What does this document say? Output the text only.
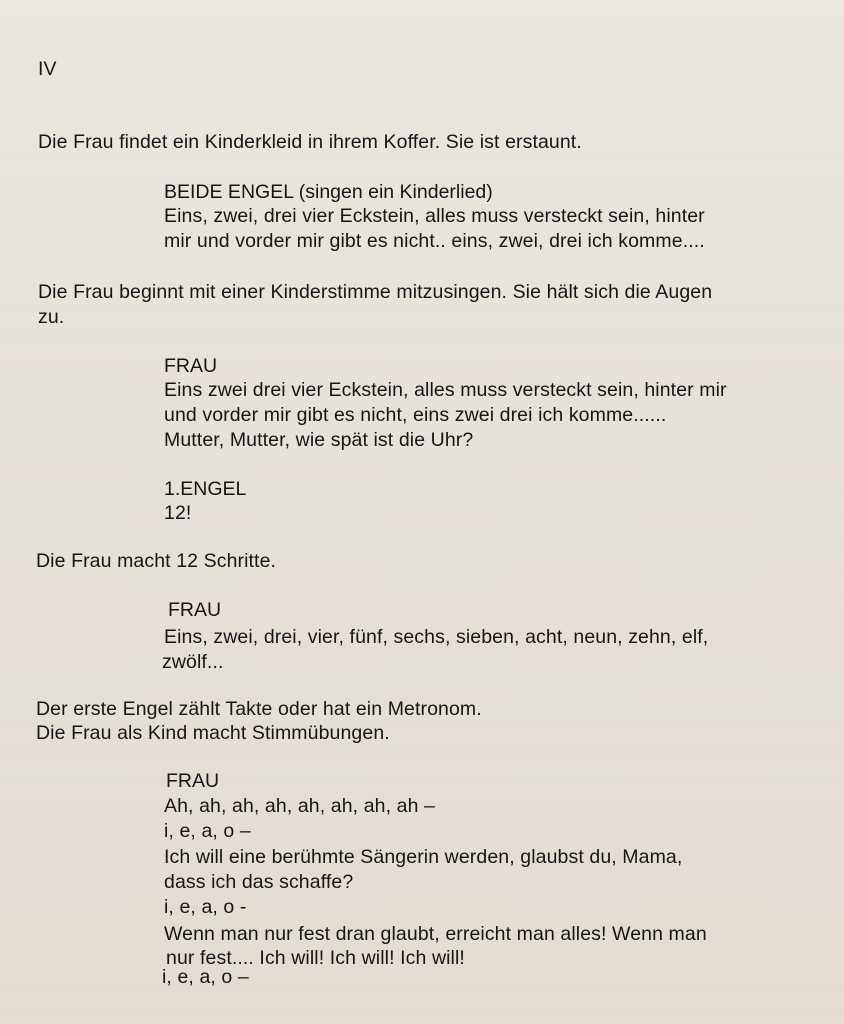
IV
Die Frau findet ein Kinderkleid in ihrem Koffer. Sie ist erstaunt.
BEIDE ENGEL (singen ein Kinderlied)
Eins, zwei, drei vier Eckstein, alles muss versteckt sein, hinter
mir und vorder mir gibt es nicht.. eins, zwei, drei ich komme....
Die Frau beginnt mit einer Kinderstimme mitzusingen. Sie hält sich die Augen
zu.
FRAU
Eins zwei drei vier Eckstein, alles muss versteckt sein, hinter mir
und vorder mir gibt es nicht, eins zwei drei ich komme......
Mutter, Mutter, wie spät ist die Uhr?
1.ENGEL
12!
Die Frau macht 12 Schritte.
FRAU
Eins, zwei, drei, vier, fünf, sechs, sieben, acht, neun, zehn, elf,
zwölf...
Der erste Engel zählt Takte oder hat ein Metronom.
Die Frau als Kind macht Stimmübungen.
FRAU
Ah, ah, ah, ah, ah, ah, ah, ah –
i, e, a, o –
Ich will eine berühmte Sängerin werden, glaubst du, Mama,
dass ich das schaffe?
i, e, a, o -
Wenn man nur fest dran glaubt, erreicht man alles! Wenn man
nur fest.... Ich will! Ich will! Ich will!
i, e, a, o –
